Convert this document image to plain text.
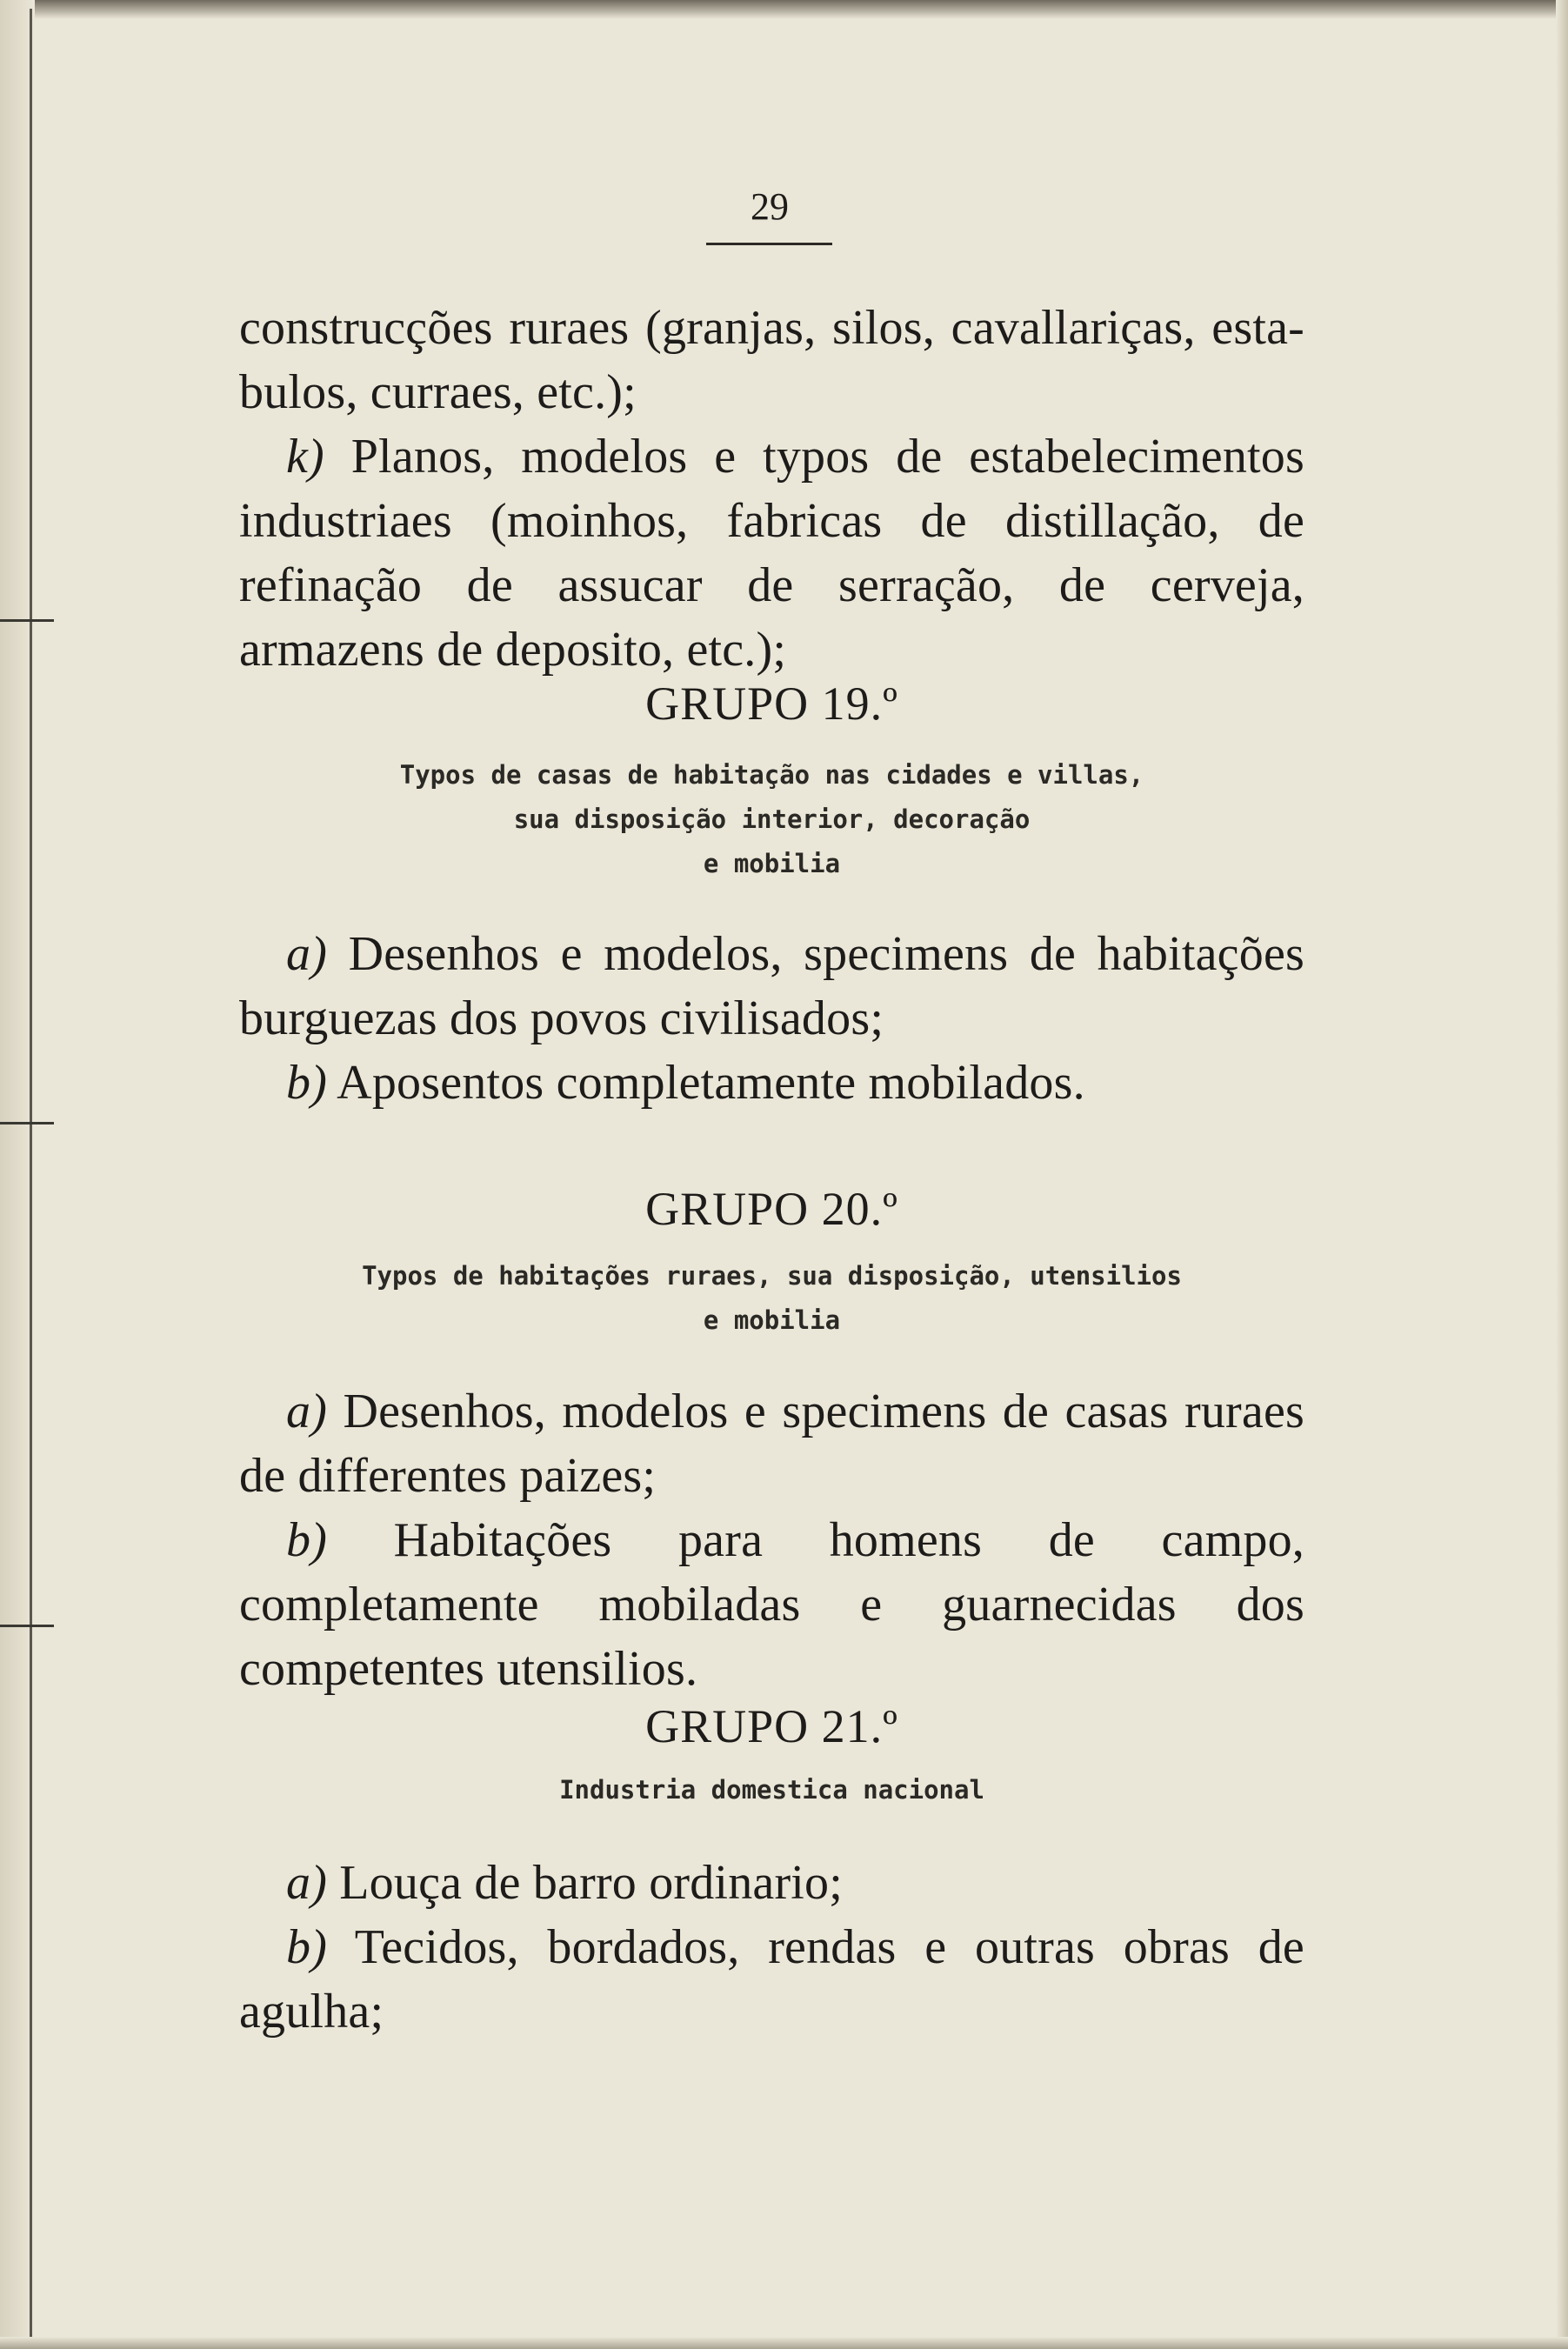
29

construcções ruraes (granjas, silos, cavallariças, esta-bulos, curraes, etc.);

k) Planos, modelos e typos de estabelecimentos industriaes (moinhos, fabricas de distillação, de refinação de assucar de serração, de cerveja, armazens de deposito, etc.);

GRUPO 19.º
Typos de casas de habitação nas cidades e villas,
sua disposição interior, decoração
e mobilia

a) Desenhos e modelos, specimens de habitações burguezas dos povos civilisados;

b) Aposentos completamente mobilados.

GRUPO 20.º
Typos de habitações ruraes, sua disposição, utensilios
e mobilia

a) Desenhos, modelos e specimens de casas ruraes de differentes paizes;

b) Habitações para homens de campo, completamente mobiladas e guarnecidas dos competentes utensilios.

GRUPO 21.º
Industria domestica nacional

a) Louça de barro ordinario;

b) Tecidos, bordados, rendas e outras obras de agulha;
